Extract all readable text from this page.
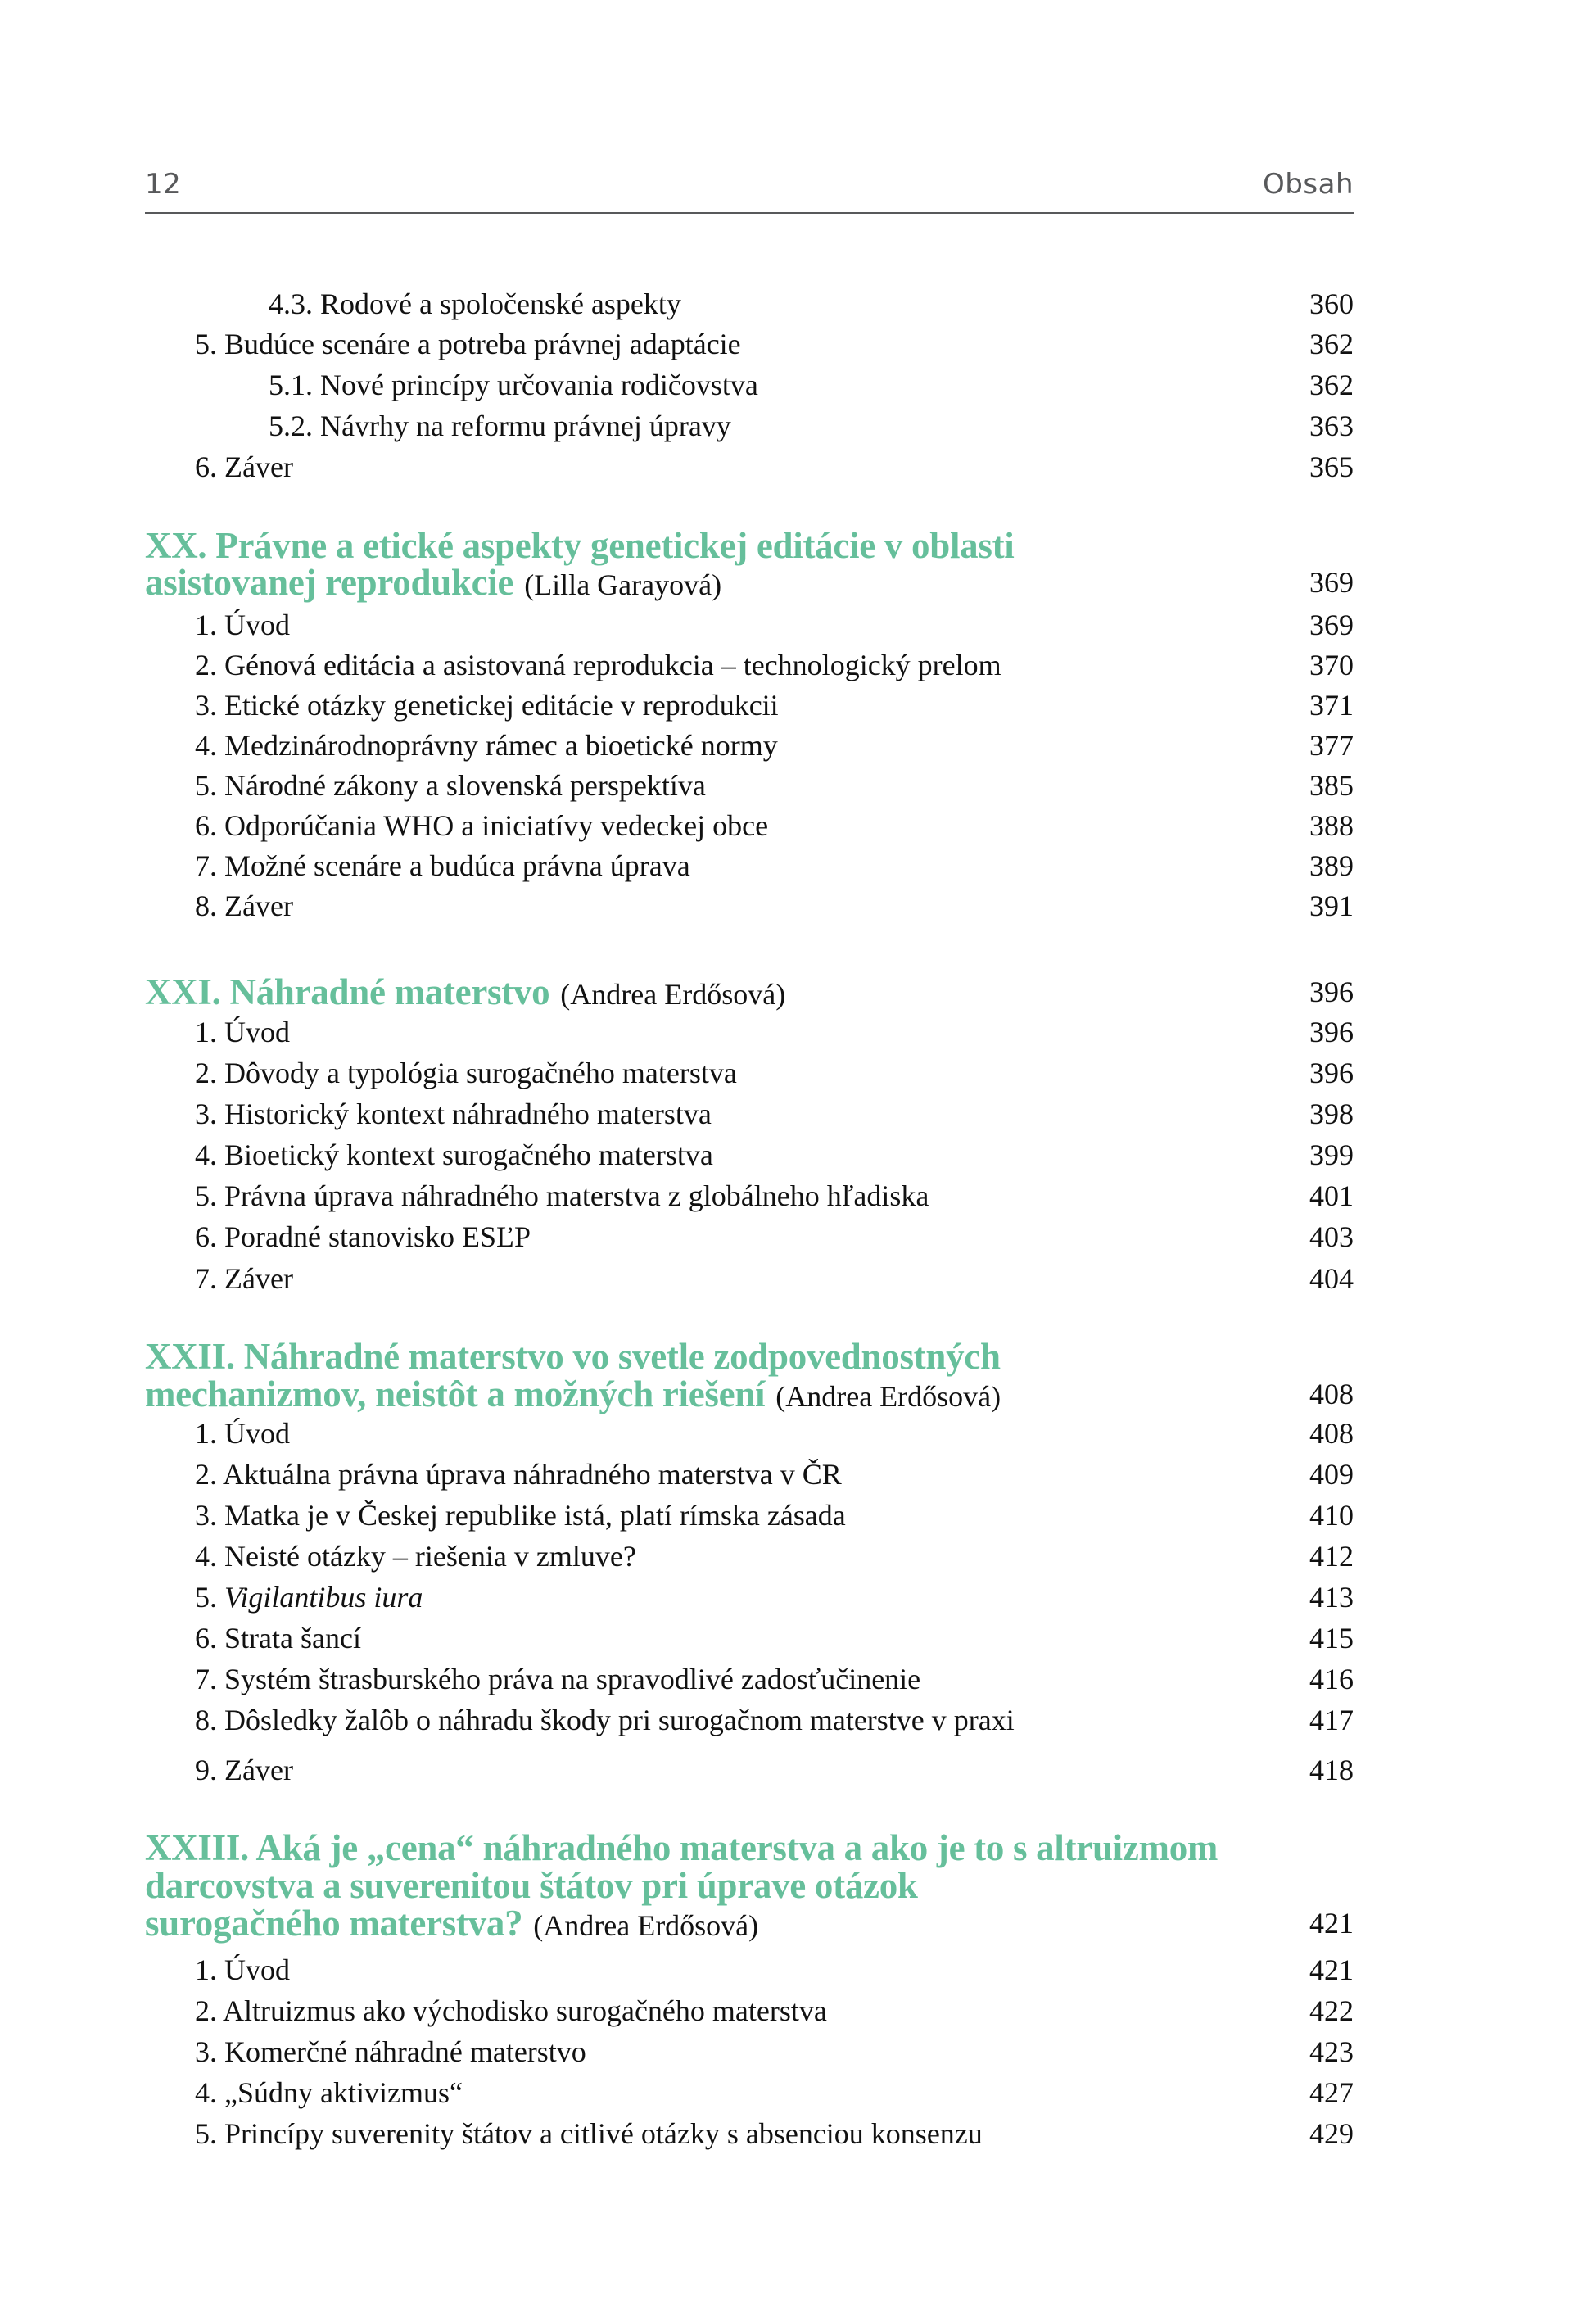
12	Obsah
4.3. Rodové a spoločenské aspekty	360
5. Budúce scenáre a potreba právnej adaptácie	362
5.1. Nové princípy určovania rodičovstva	362
5.2. Návrhy na reformu právnej úpravy	363
6. Záver	365
XX. Právne a etické aspekty genetickej editácie v oblasti
asistovanej reprodukcie  (Lilla Garayová)	369
1. Úvod	369
2. Génová editácia a asistovaná reprodukcia – technologický prelom	370
3. Etické otázky genetickej editácie v reprodukcii	371
4. Medzinárodnoprávny rámec a bioetické normy	377
5. Národné zákony a slovenská perspektíva	385
6. Odporúčania WHO a iniciatívy vedeckej obce	388
7. Možné scenáre a budúca právna úprava	389
8. Záver	391
XXI. Náhradné materstvo  (Andrea Erdősová)	396
1. Úvod	396
2. Dôvody a typológia surogačného materstva	396
3. Historický kontext náhradného materstva	398
4. Bioetický kontext surogačného materstva	399
5. Právna úprava náhradného materstva z globálneho hľadiska	401
6. Poradné stanovisko ESĽP	403
7. Záver	404
XXII. Náhradné materstvo vo svetle zodpovednostných
mechanizmov, neistôt a možných riešení  (Andrea Erdősová)	408
1. Úvod	408
2. Aktuálna právna úprava náhradného materstva v ČR	409
3. Matka je v Českej republike istá, platí rímska zásada	410
4. Neisté otázky – riešenia v zmluve?	412
5. Vigilantibus iura	413
6. Strata šancí	415
7. Systém štrasburského práva na spravodlivé zadosťučinenie	416
8. Dôsledky žalôb o náhradu škody pri surogačnom materstve v praxi	417
9. Záver	418
XXIII. Aká je „cena“ náhradného materstva a ako je to s altruizmom
darcovstva a suverenitou štátov pri úprave otázok
surogačného materstva?  (Andrea Erdősová)	421
1. Úvod	421
2. Altruizmus ako východisko surogačného materstva	422
3. Komerčné náhradné materstvo	423
4. „Súdny aktivizmus“	427
5. Princípy suverenity štátov a citlivé otázky s absenciou konsenzu	429
